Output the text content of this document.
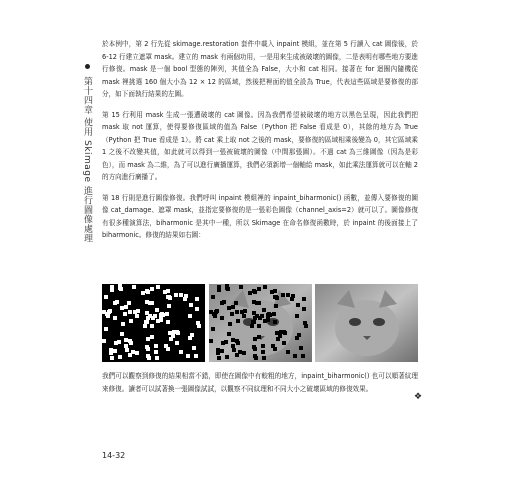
第十四章 使用 Skimage 進行圖像處理

於本例中，第 2 行先從 skimage.restoration 套件中載入 inpaint 模組，並在第 5 行讀入 cat 圖像後，於 6-12 行建立遮罩 mask。建立的 mask 有兩個功用，一是用來生成被破壞的圖像，二是表明有哪些地方要進行修復。mask 是一個 bool 型態的陣列，其值全為 False，大小和 cat 相同。接著在 for 迴圈內隨機從 mask 裡挑選 160 個大小為 12 × 12 的區域，然後把裡面的值全設為 True，代表這些區域是要修復的部分，如下面執行結果的左圖。

第 15 行利用 mask 生成一張遭破壞的 cat 圖像。因為我們希望被破壞的地方以黑色呈現，因此我們把 mask 取 not 運算，使得要修復區域的值為 False（Python 把 False 看成是 0），其餘的地方為 True（Python 把 True 看成是 1）。將 cat 乘上取 not 之後的 mask，要修復的區域相乘後變為 0，其它區域乘 1 之後不改變其值，如此就可以得到一張被破壞的圖像（中間那張圖）。不過 cat 為三維圖像（因為是彩色），而 mask 為二維，為了可以進行廣播運算，我們必須新增一個軸給 mask，如此乘法運算就可以在軸 2 的方向進行廣播了。

第 18 行則是進行圖像修復。我們呼叫 inpaint 模組裡的 inpaint_biharmonic() 函數，並傳入要修復的圖像 cat_damage、遮罩 mask，並指定要修復的是一張彩色圖像（channel_axis=2）就可以了。圖像修復有很多種演算法，biharmonic 是其中一種，所以 Skimage 在命名修復函數時，於 inpaint 的後面接上了 biharmonic。修復的結果如右圖：

我們可以觀察到修復的結果相當不錯，即使在圖像中有較粗的地方，inpaint_biharmonic() 也可以順著紋理來修復。讀者可以試著換一張圖像試試，以觀察不同紋理和不同大小之破壞區域的修復效果。

❖
14-32
